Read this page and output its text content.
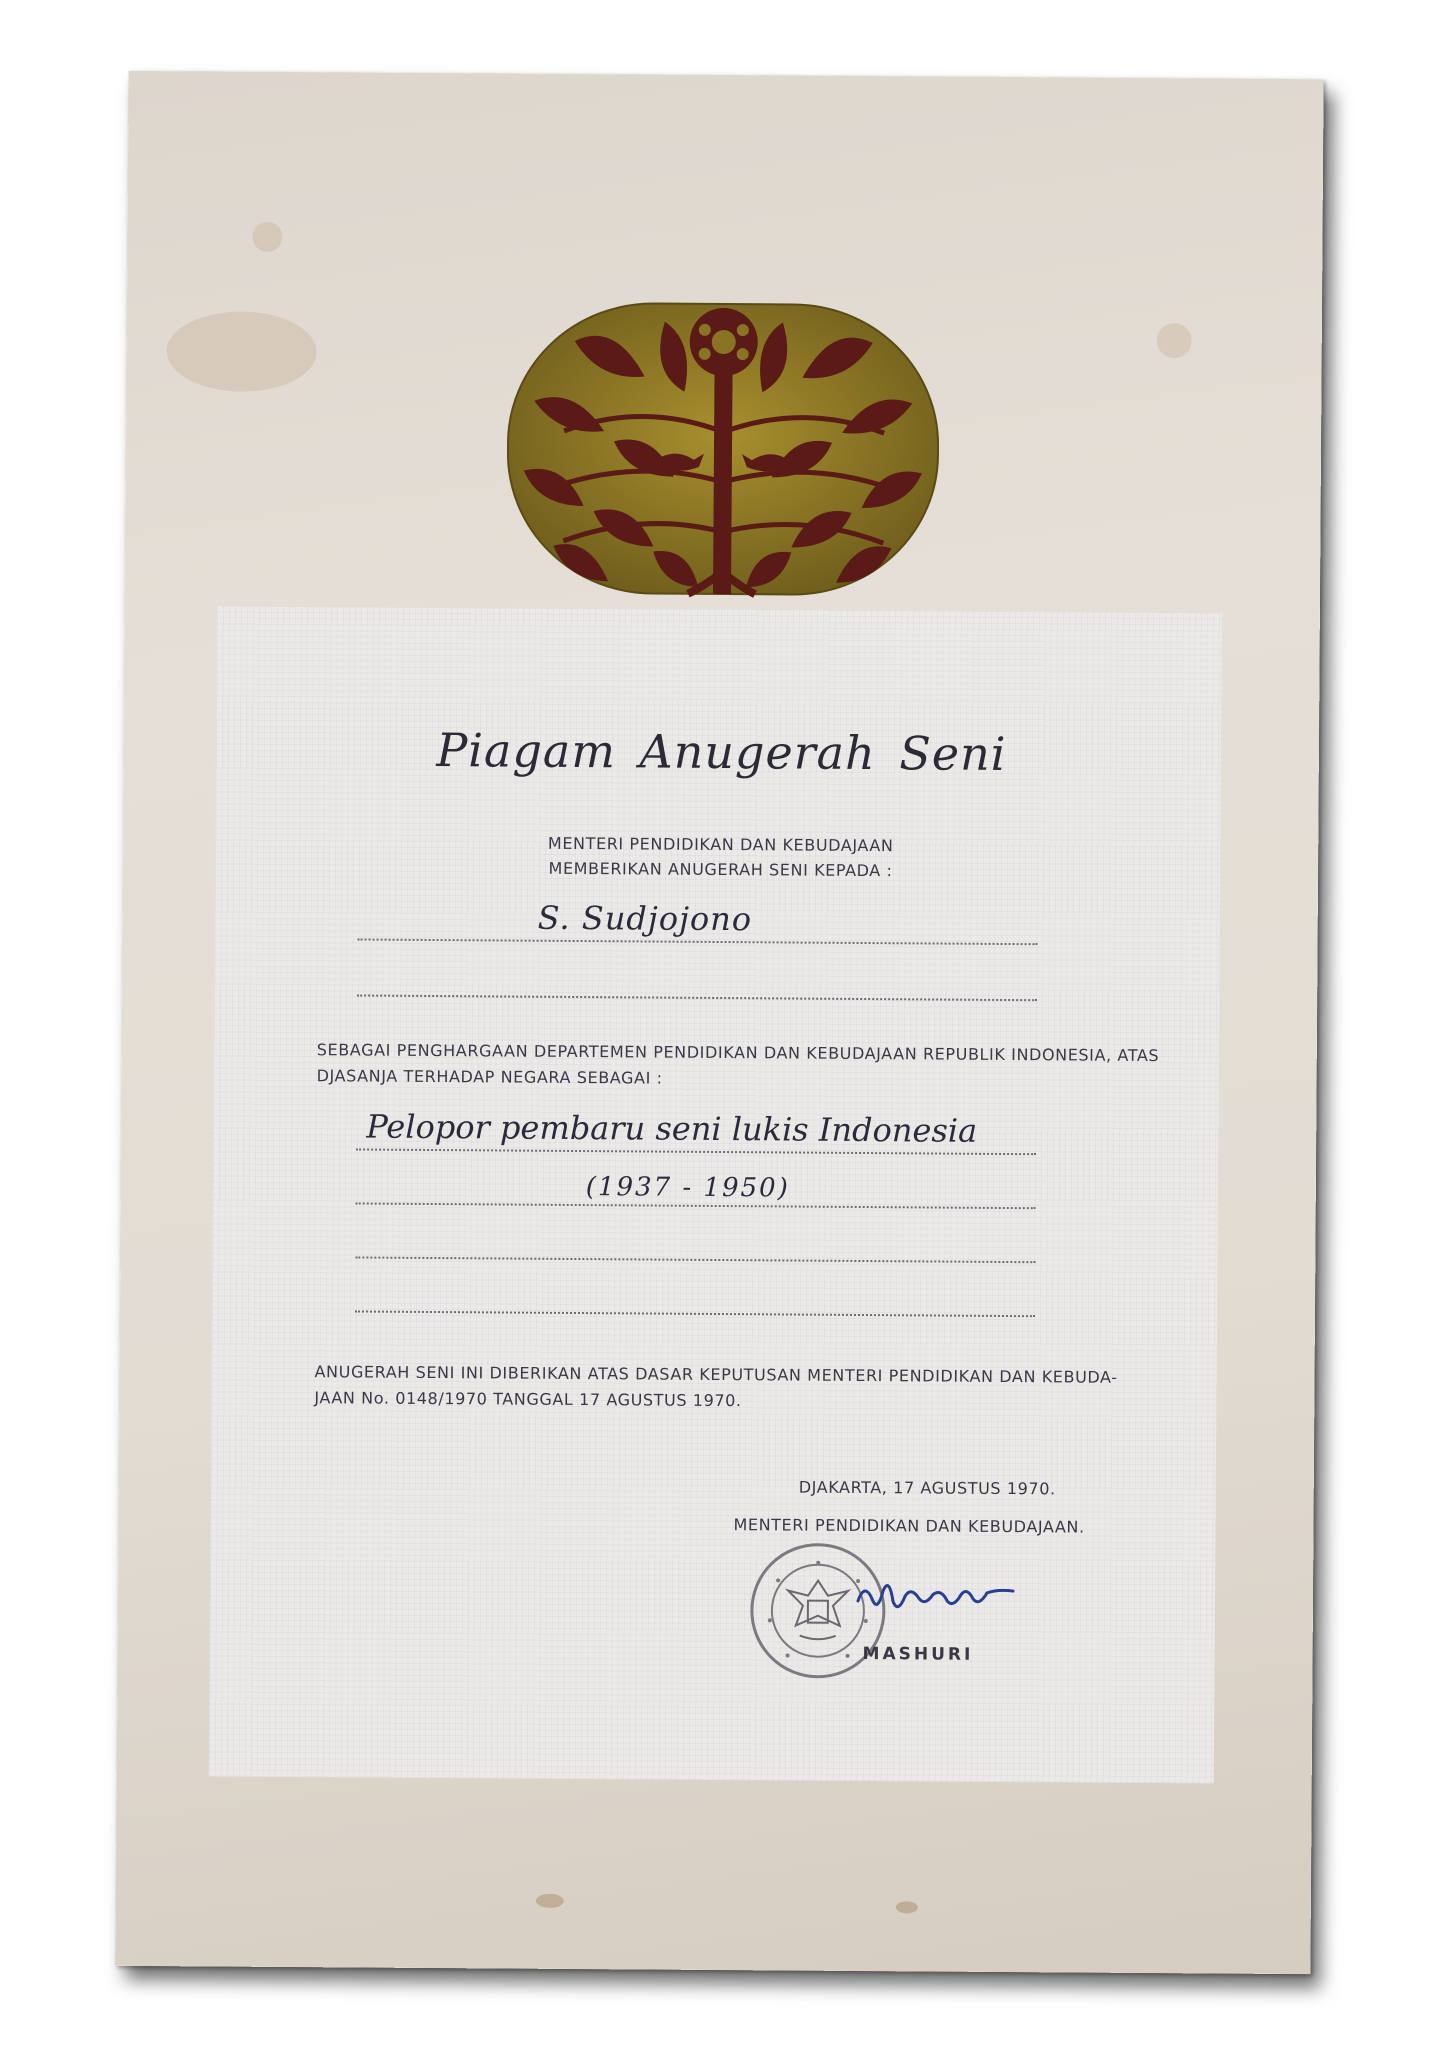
Piagam Anugerah Seni
MENTERI PENDIDIKAN DAN KEBUDAJAAN
MEMBERIKAN ANUGERAH SENI KEPADA :
S. Sudjojono
SEBAGAI PENGHARGAAN DEPARTEMEN PENDIDIKAN DAN KEBUDAJAAN REPUBLIK INDONESIA, ATAS
DJASANJA TERHADAP NEGARA SEBAGAI :
Pelopor pembaru seni lukis Indonesia
(1937 - 1950)
ANUGERAH SENI INI DIBERIKAN ATAS DASAR KEPUTUSAN MENTERI PENDIDIKAN DAN KEBUDA-
JAAN No. 0148/1970 TANGGAL 17 AGUSTUS 1970.
DJAKARTA, 17 AGUSTUS 1970.
MENTERI PENDIDIKAN DAN KEBUDAJAAN.
MASHURI
